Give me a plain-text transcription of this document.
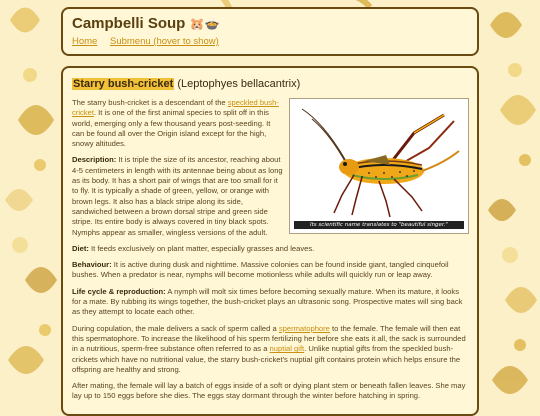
Campbelli Soup 🐹🍲
Home Submenu (hover to show)
Starry bush-cricket (Leptophyes bellacantrix)
Its scientific name translates to "beautiful singer."

The starry bush-cricket is a descendant of the speckled bush-cricket. It is one of the first animal species to split off in this world, emerging only a few thousand years post-seeding. It can be found all over the Origin island except for the high, snowy altitudes.

Description: It is triple the size of its ancestor, reaching about 4-5 centimeters in length with its antennae being about as long as its body. It has a short pair of wings that are too small for it to fly. It is typically a shade of green, yellow, or orange with brown legs. It also has a black stripe along its side, sandwiched between a brown dorsal stripe and green side stripe. Its entire body is always covered in tiny black spots. Nymphs appear as smaller, wingless versions of the adult.

Diet: It feeds exclusively on plant matter, especially grasses and leaves.

Behaviour: It is active during dusk and nighttime. Massive colonies can be found inside giant, tangled cinquefoil bushes. When a predator is near, nymphs will become motionless while adults will quickly run or leap away.

Life cycle & reproduction: A nymph will molt six times before becoming sexually mature. When its mature, it looks for a mate. By rubbing its wings together, the bush-cricket plays an ultrasonic song. Prospective mates will sing back as they attempt to locate each other.

During copulation, the male delivers a sack of sperm called a spermatophore to the female. The female will then eat this spermatophore. To increase the likelihood of his sperm fertilizing her before she eats it all, the sack is surrounded in a nutritious, sperm-free substance often referred to as a nuptial gift. Unlike nuptial gifts from the speckled bush-crickets which have no nutritional value, the starry bush-cricket's nuptial gift contains protein which helps ensure the offspring are healthy and strong.

After mating, the female will lay a batch of eggs inside of a soft or dying plant stem or beneath fallen leaves. She may lay up to 150 eggs before she dies. The eggs stay dormant through the winter before hatching in spring.
